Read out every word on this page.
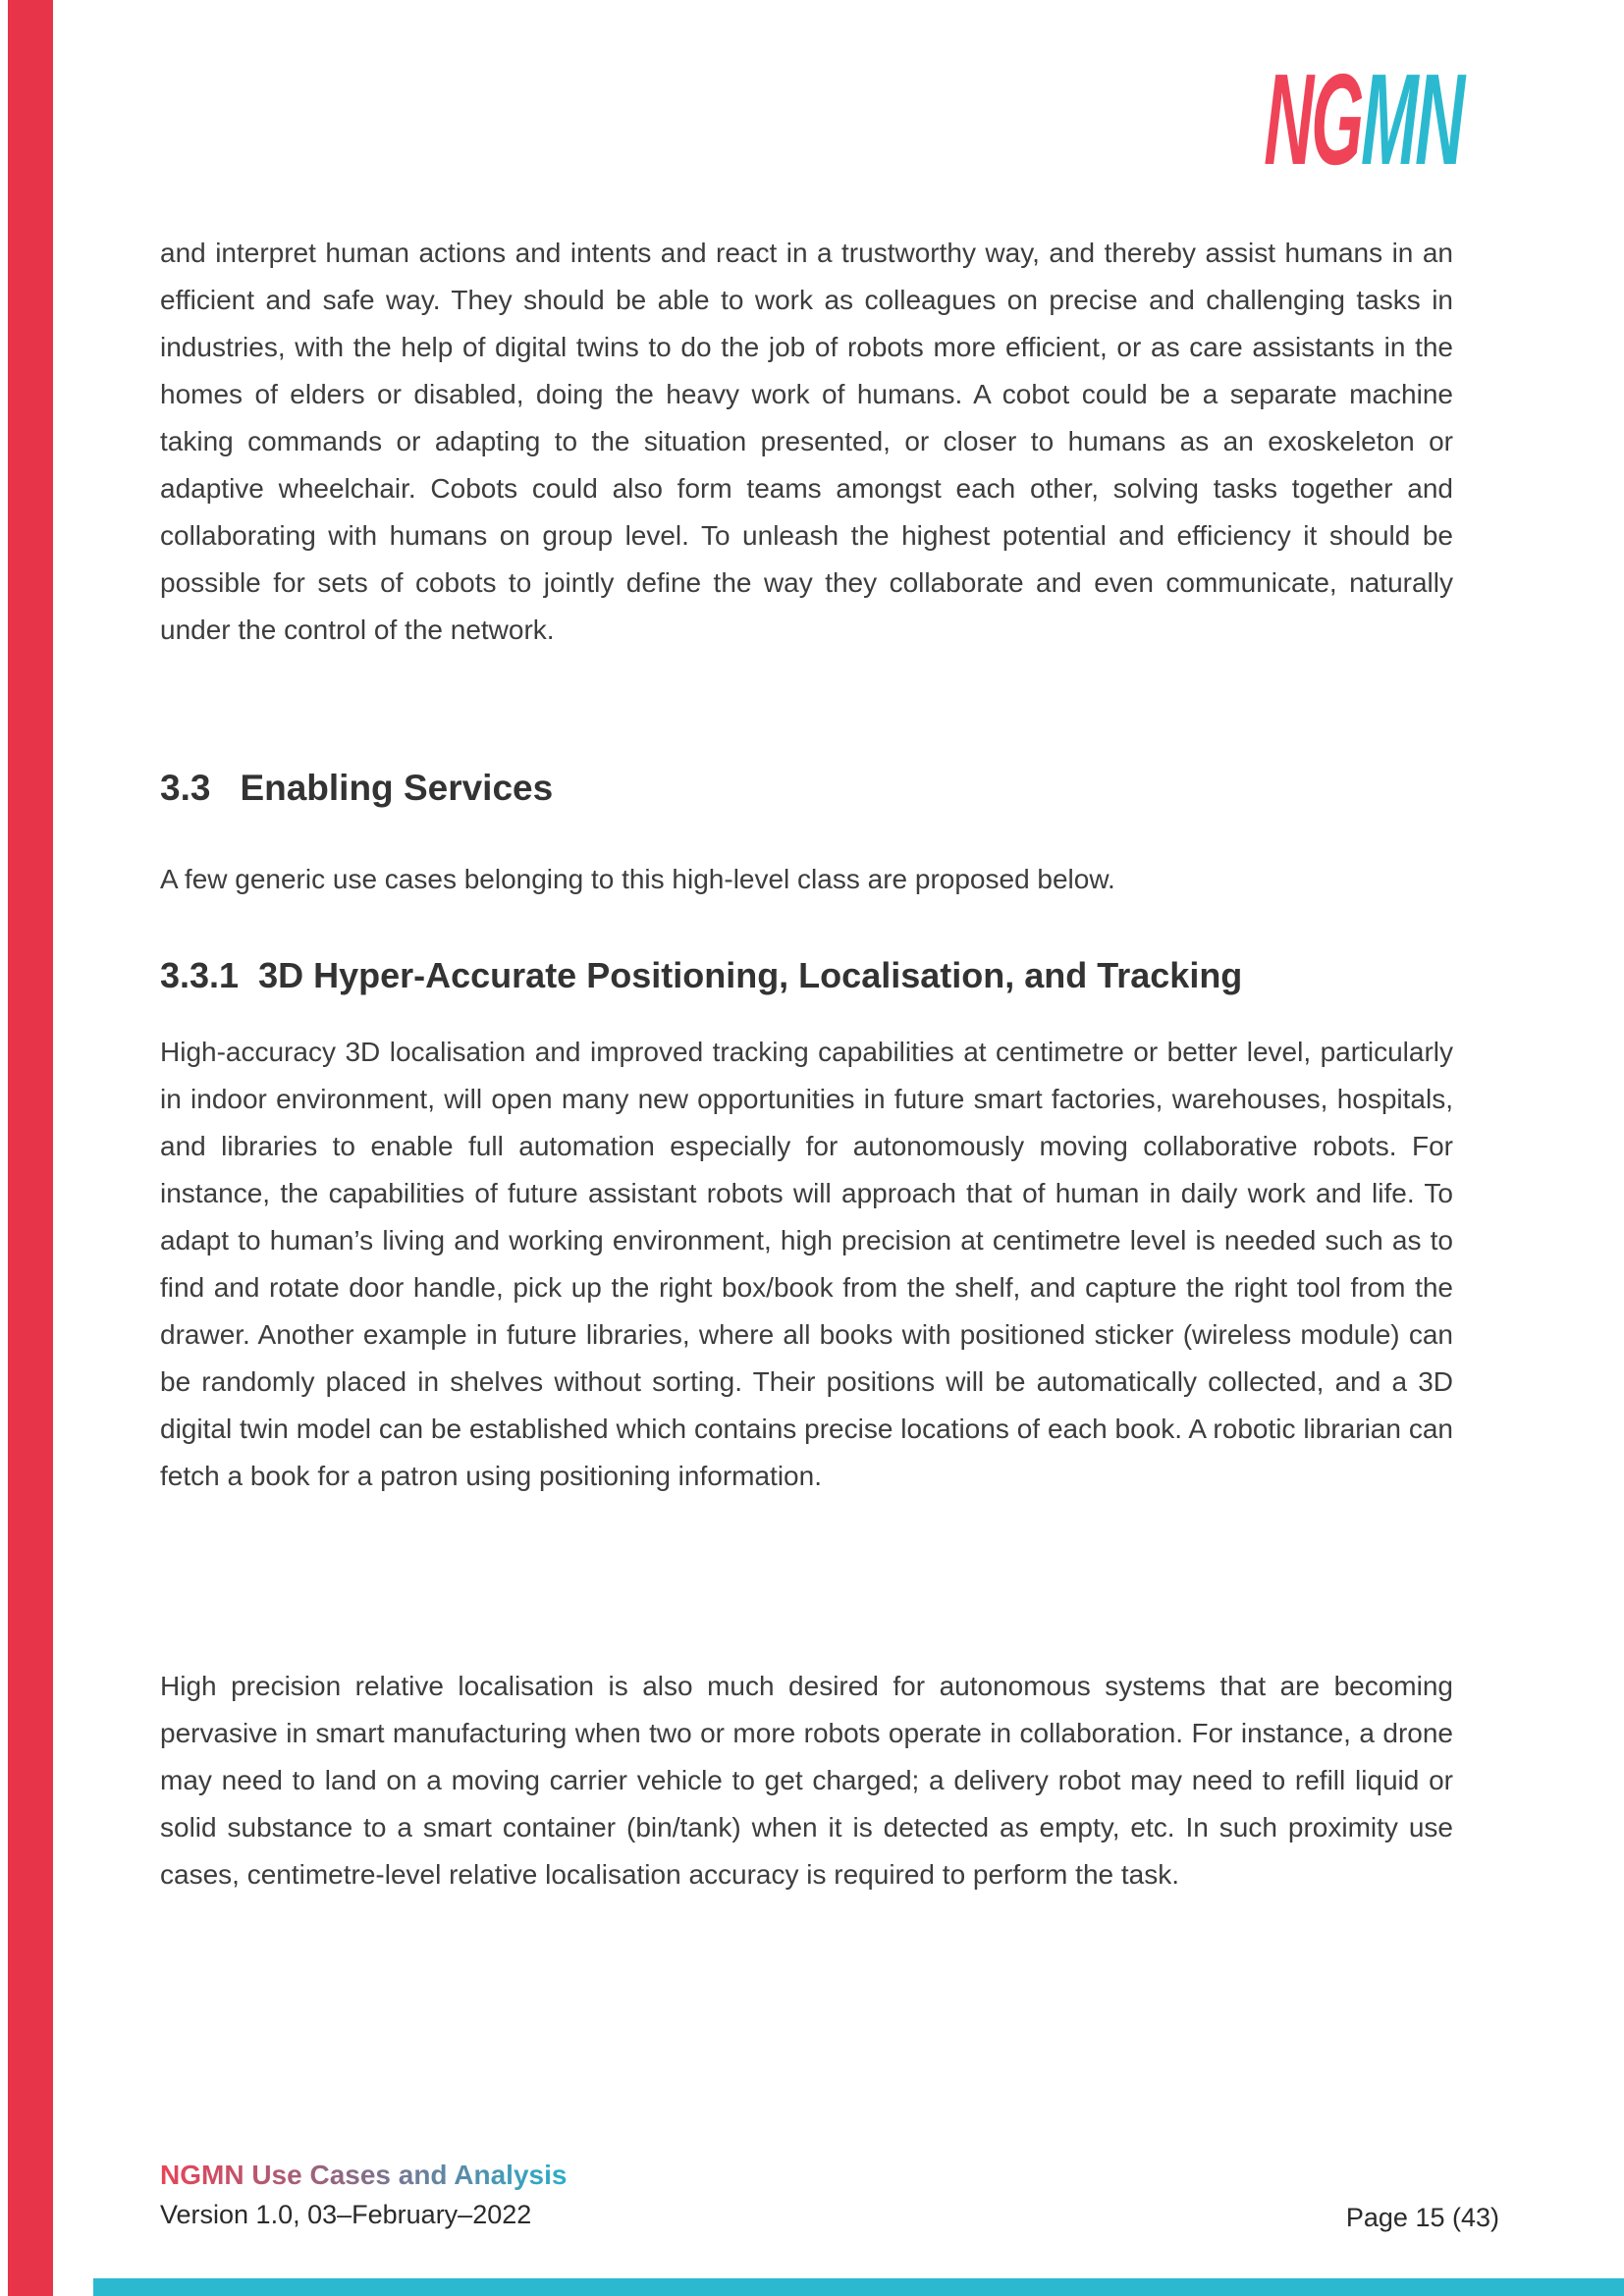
NGMN
and interpret human actions and intents and react in a trustworthy way, and thereby assist humans in an efficient and safe way. They should be able to work as colleagues on precise and challenging tasks in industries, with the help of digital twins to do the job of robots more efficient, or as care assistants in the homes of elders or disabled, doing the heavy work of humans. A cobot could be a separate machine taking commands or adapting to the situation presented, or closer to humans as an exoskeleton or adaptive wheelchair. Cobots could also form teams amongst each other, solving tasks together and collaborating with humans on group level. To unleash the highest potential and efficiency it should be possible for sets of cobots to jointly define the way they collaborate and even communicate, naturally under the control of the network.
3.3 Enabling Services
A few generic use cases belonging to this high-level class are proposed below.
3.3.1 3D Hyper-Accurate Positioning, Localisation, and Tracking
High-accuracy 3D localisation and improved tracking capabilities at centimetre or better level, particularly in indoor environment, will open many new opportunities in future smart factories, warehouses, hospitals, and libraries to enable full automation especially for autonomously moving collaborative robots. For instance, the capabilities of future assistant robots will approach that of human in daily work and life. To adapt to human’s living and working environment, high precision at centimetre level is needed such as to find and rotate door handle, pick up the right box/book from the shelf, and capture the right tool from the drawer. Another example in future libraries, where all books with positioned sticker (wireless module) can be randomly placed in shelves without sorting. Their positions will be automatically collected, and a 3D digital twin model can be established which contains precise locations of each book. A robotic librarian can fetch a book for a patron using positioning information.
High precision relative localisation is also much desired for autonomous systems that are becoming pervasive in smart manufacturing when two or more robots operate in collaboration. For instance, a drone may need to land on a moving carrier vehicle to get charged; a delivery robot may need to refill liquid or solid substance to a smart container (bin/tank) when it is detected as empty, etc. In such proximity use cases, centimetre-level relative localisation accuracy is required to perform the task.
NGMN Use Cases and Analysis
Version 1.0, 03–February–2022	Page 15 (43)
